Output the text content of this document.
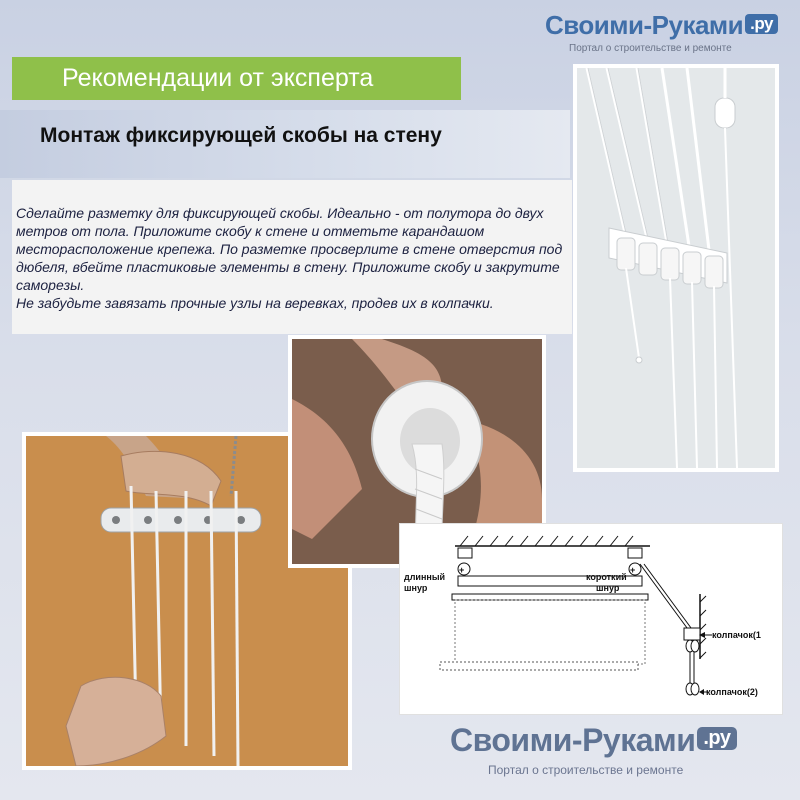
Своими-Руками .ру
Портал о строительстве и ремонте
Рекомендации от эксперта
Монтаж фиксирующей скобы на стену

Сделайте разметку для фиксирующей скобы. Идеально - от полутора до двух метров от пола. Приложите скобу к стене и отметьте карандашом месторасположение крепежа. По разметке просверлите в стене отверстия под дюбеля, вбейте пластиковые элементы в стену. Приложите скобу и закрутите саморезы.

Не забудьте завязать прочные узлы на веревках, продев их в колпачки.

+	+
длинный
шнур
короткий
шнур
колпачок(1
колпачок(2)
Своими-Руками .ру
Портал о строительстве и ремонте
